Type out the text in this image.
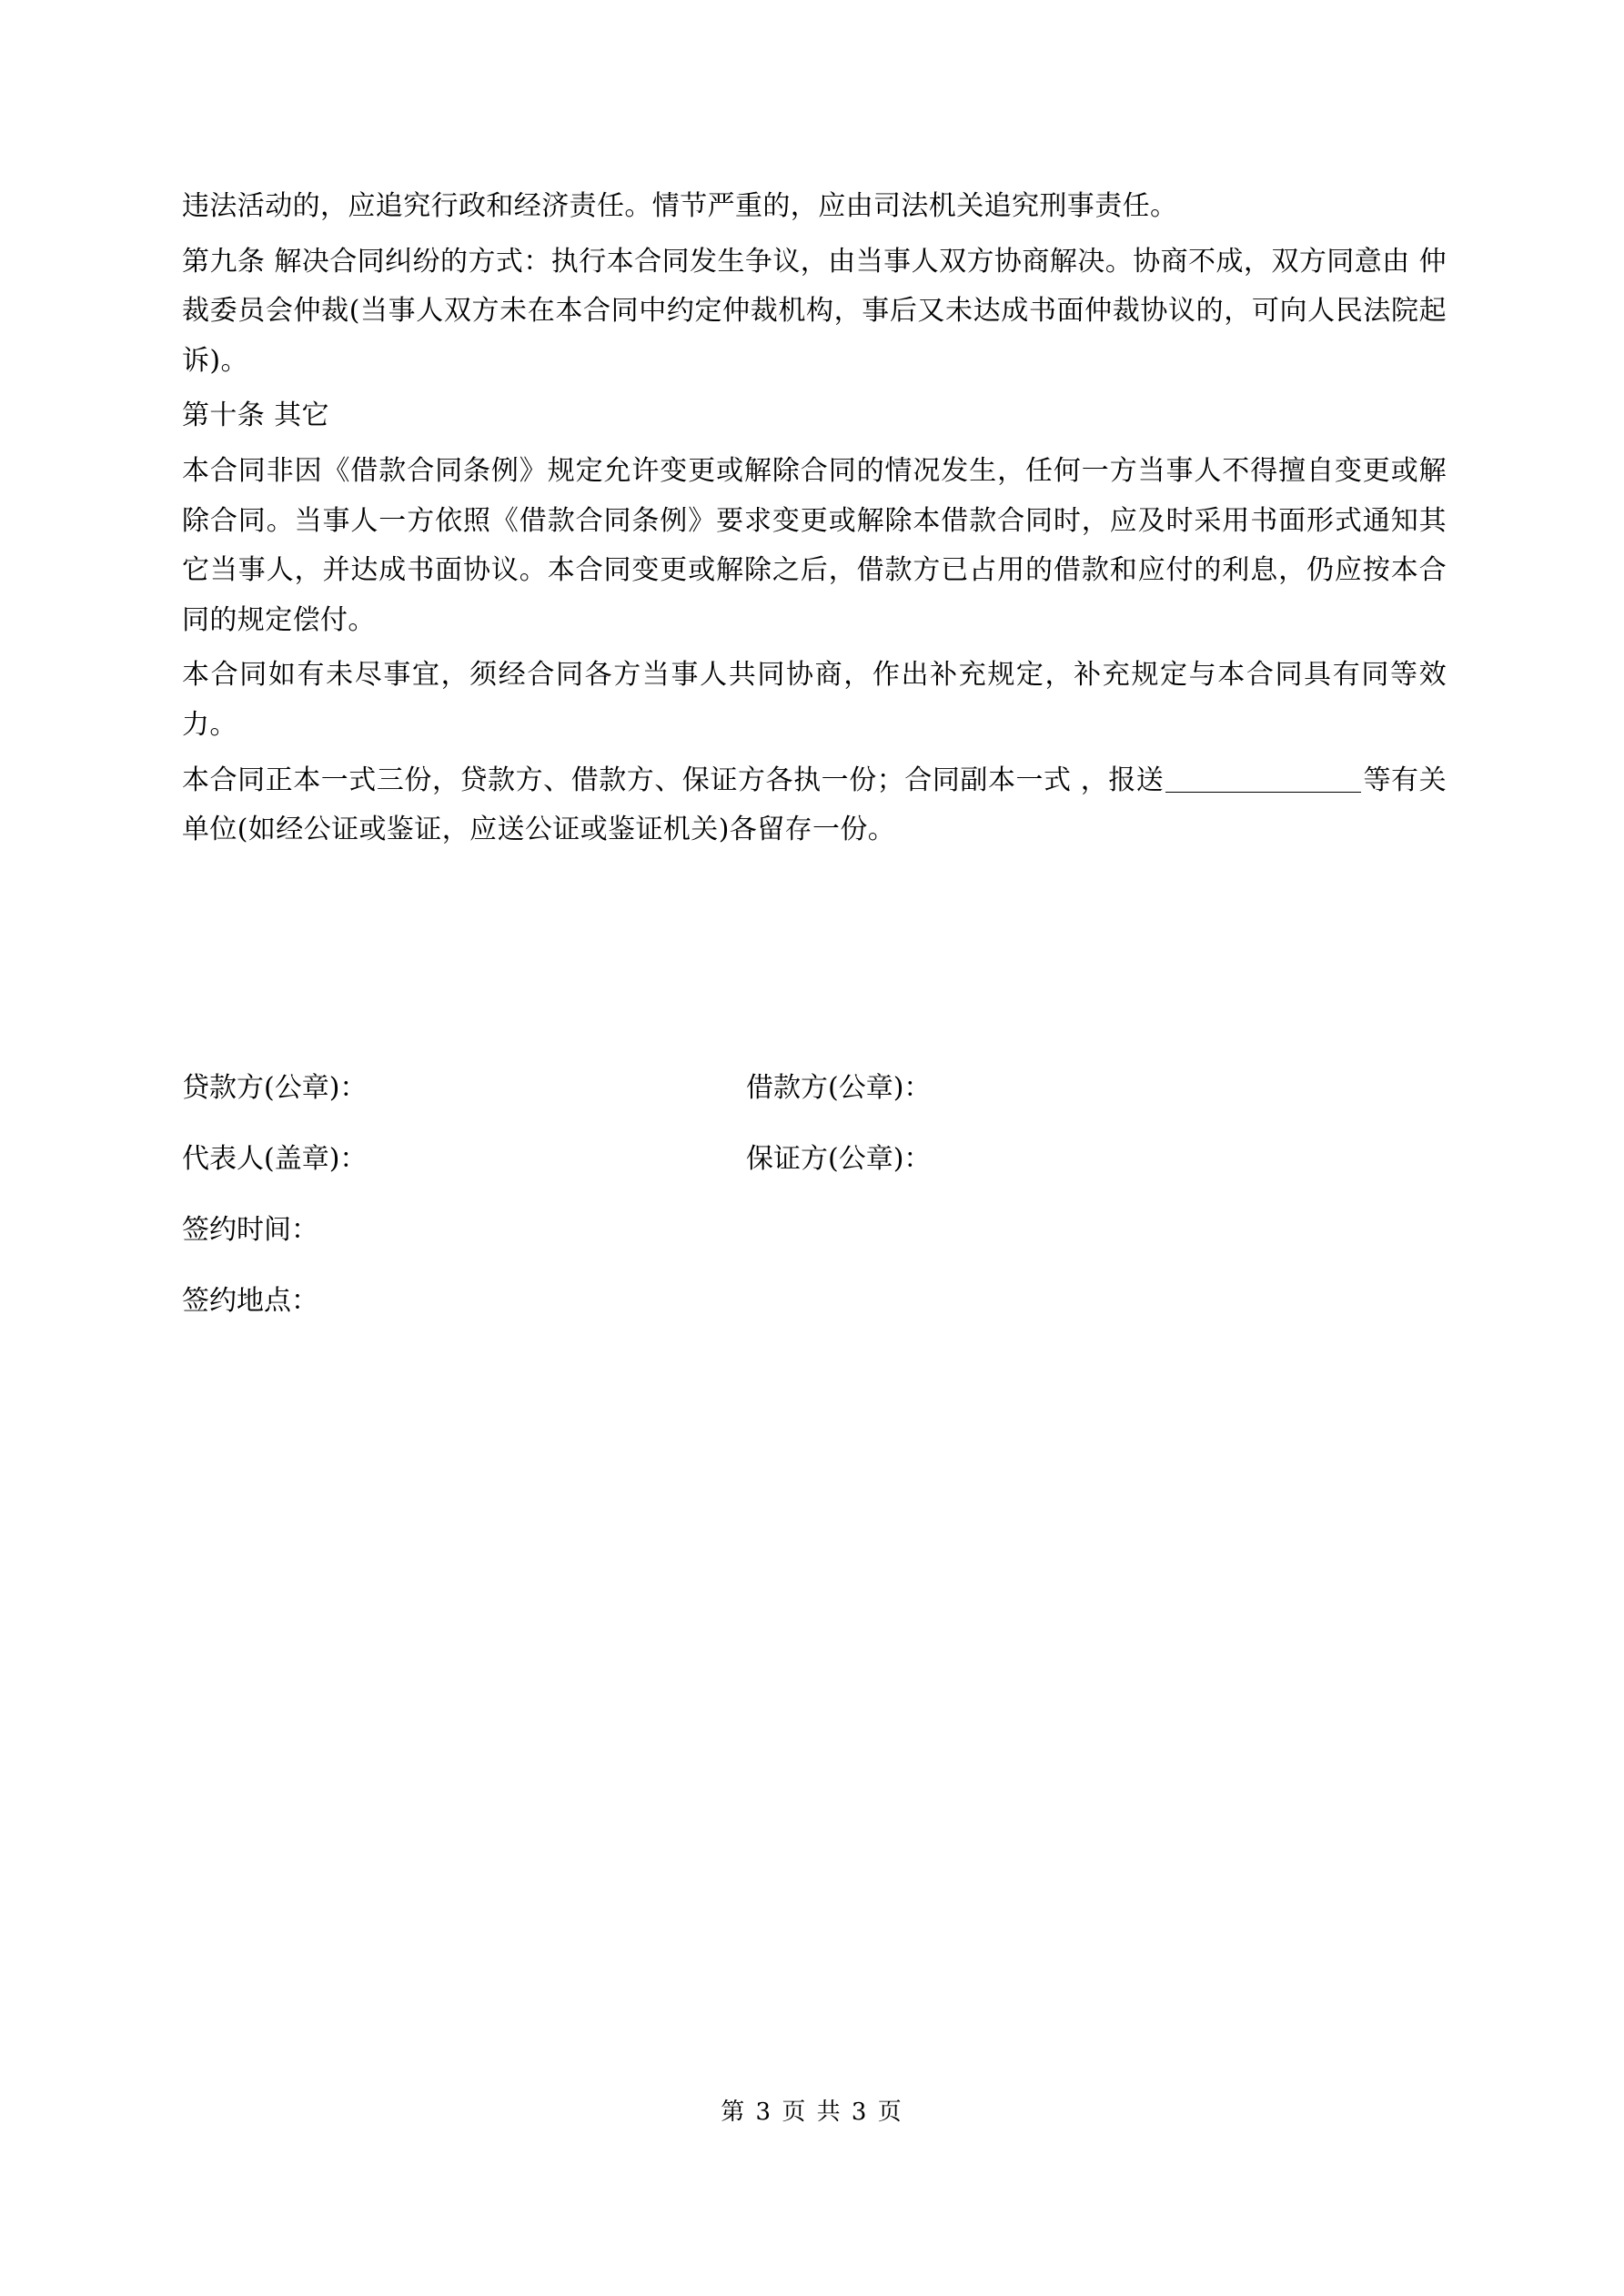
违法活动的，应追究行政和经济责任。情节严重的，应由司法机关追究刑事责任。

第九条 解决合同纠纷的方式：执行本合同发生争议，由当事人双方协商解决。协商不成，双方同意由 仲裁委员会仲裁(当事人双方未在本合同中约定仲裁机构，事后又未达成书面仲裁协议的，可向人民法院起诉)。

第十条 其它

本合同非因《借款合同条例》规定允许变更或解除合同的情况发生，任何一方当事人不得擅自变更或解除合同。当事人一方依照《借款合同条例》要求变更或解除本借款合同时，应及时采用书面形式通知其它当事人，并达成书面协议。本合同变更或解除之后，借款方已占用的借款和应付的利息，仍应按本合同的规定偿付。

本合同如有未尽事宜，须经合同各方当事人共同协商，作出补充规定，补充规定与本合同具有同等效力。

本合同正本一式三份，贷款方、借款方、保证方各执一份；合同副本一式 ，报送	等有关单位(如经公证或鉴证，应送公证或鉴证机关)各留存一份。

贷款方(公章)：	借款方(公章)：
代表人(盖章)：	保证方(公章)：
签约时间：
签约地点：
第 3 页 共 3 页
